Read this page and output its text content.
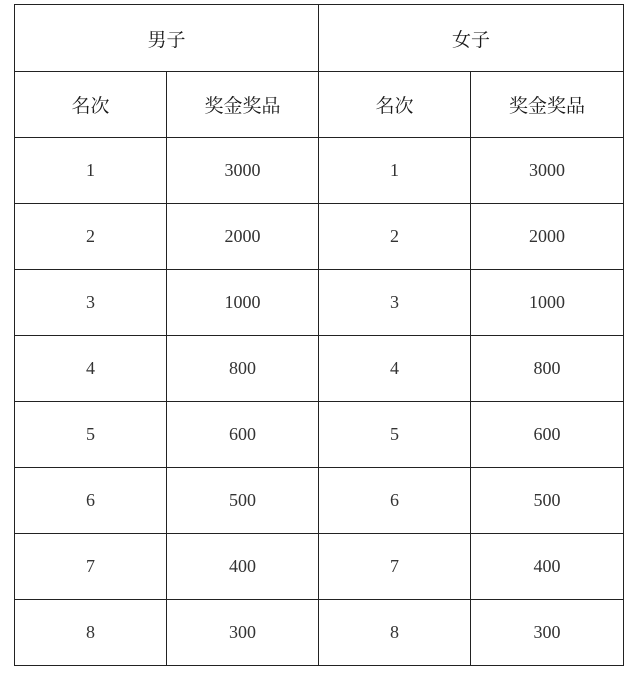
男子		女子	
名次	奖金奖品	名次	奖金奖品
1	3000	1	3000
2	2000	2	2000
3	1000	3	1000
4	800	4	800
5	600	5	600
6	500	6	500
7	400	7	400
8	300	8	300
